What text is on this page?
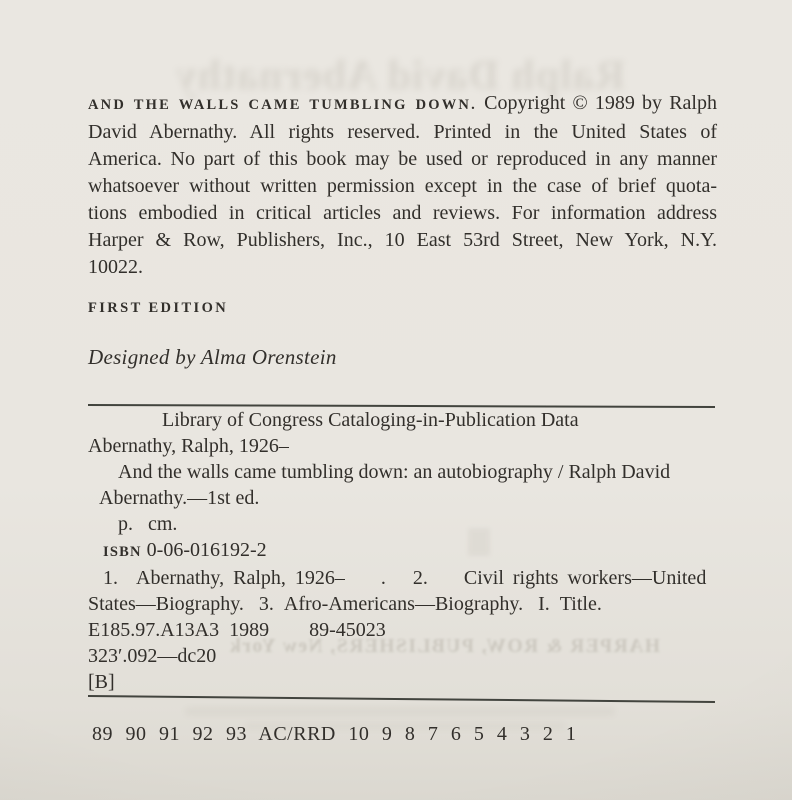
Ralph David Abernathy
AND THE WALLS CAME TUMBLING DOWN. Copyright © 1989 by Ralph
David Abernathy. All rights reserved. Printed in the United States of
America. No part of this book may be used or reproduced in any manner
whatsoever without written permission except in the case of brief quota-
tions embodied in critical articles and reviews. For information address
Harper & Row, Publishers, Inc., 10 East 53rd Street, New York, N.Y.
10022.
FIRST EDITION
Designed by Alma Orenstein
Library of Congress Cataloging-in-Publication Data
Abernathy, Ralph, 1926–
And the walls came tumbling down: an autobiography / Ralph David
Abernathy.—1st ed.
p.   cm.
ISBN 0-06-016192-2
1.  Abernathy, Ralph, 1926–    .   2.    Civil rights workers—United
States—Biography.   3.  Afro-Americans—Biography.   I.  Title.
E185.97.A13A3  1989        89-45023
323′.092—dc20
[B]
HARPER & ROW, PUBLISHERS, New York
89 90 91 92 93 AC/RRD 10 9 8 7 6 5 4 3 2 1
